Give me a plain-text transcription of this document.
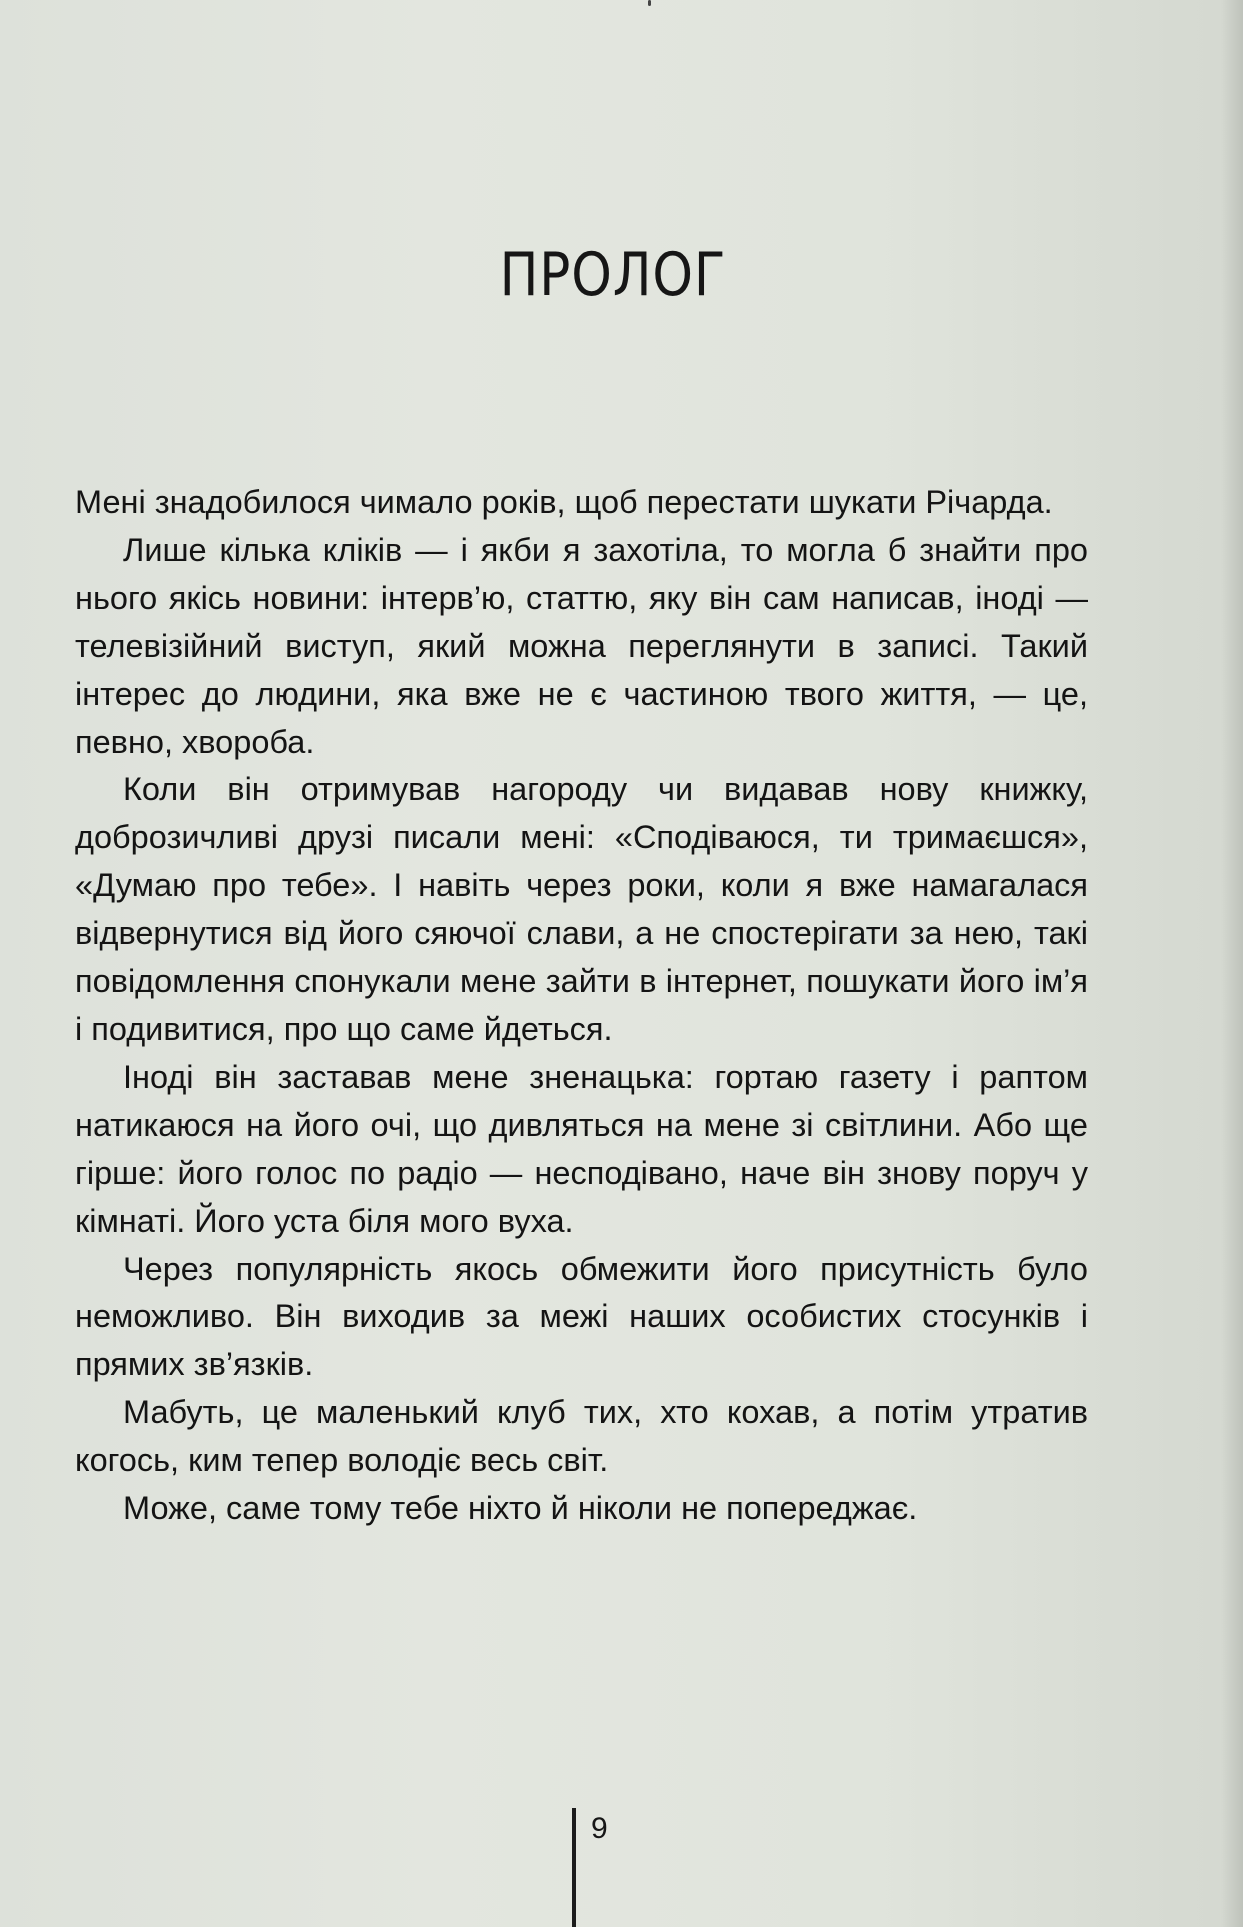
ПРОЛОГ

Мені знадобилося чимало років, щоб перестати шукати Річарда.

Лише кілька кліків — і якби я захотіла, то могла б знайти про нього якісь новини: інтерв’ю, статтю, яку він сам написав, іноді — телевізійний виступ, який можна переглянути в записі. Такий інтерес до людини, яка вже не є частиною твого життя, — це, певно, хвороба.

Коли він отримував нагороду чи видавав нову книжку, доброзичливі друзі писали мені: «Сподіваюся, ти тримаєшся», «Думаю про тебе». І навіть через роки, коли я вже намагалася відвернутися від його сяючої слави, а не спостерігати за нею, такі повідомлення спонукали мене зайти в інтернет, пошукати його ім’я і подивитися, про що саме йдеться.

Іноді він заставав мене зненацька: гортаю газету і раптом натикаюся на його очі, що дивляться на мене зі світлини. Або ще гірше: його голос по радіо — несподівано, наче він знову поруч у кімнаті. Його уста біля мого вуха.

Через популярність якось обмежити його присутність було неможливо. Він виходив за межі наших особистих стосунків і прямих зв’язків.

Мабуть, це маленький клуб тих, хто кохав, а потім утратив когось, ким тепер володіє весь світ.

Може, саме тому тебе ніхто й ніколи не попереджає.

9
